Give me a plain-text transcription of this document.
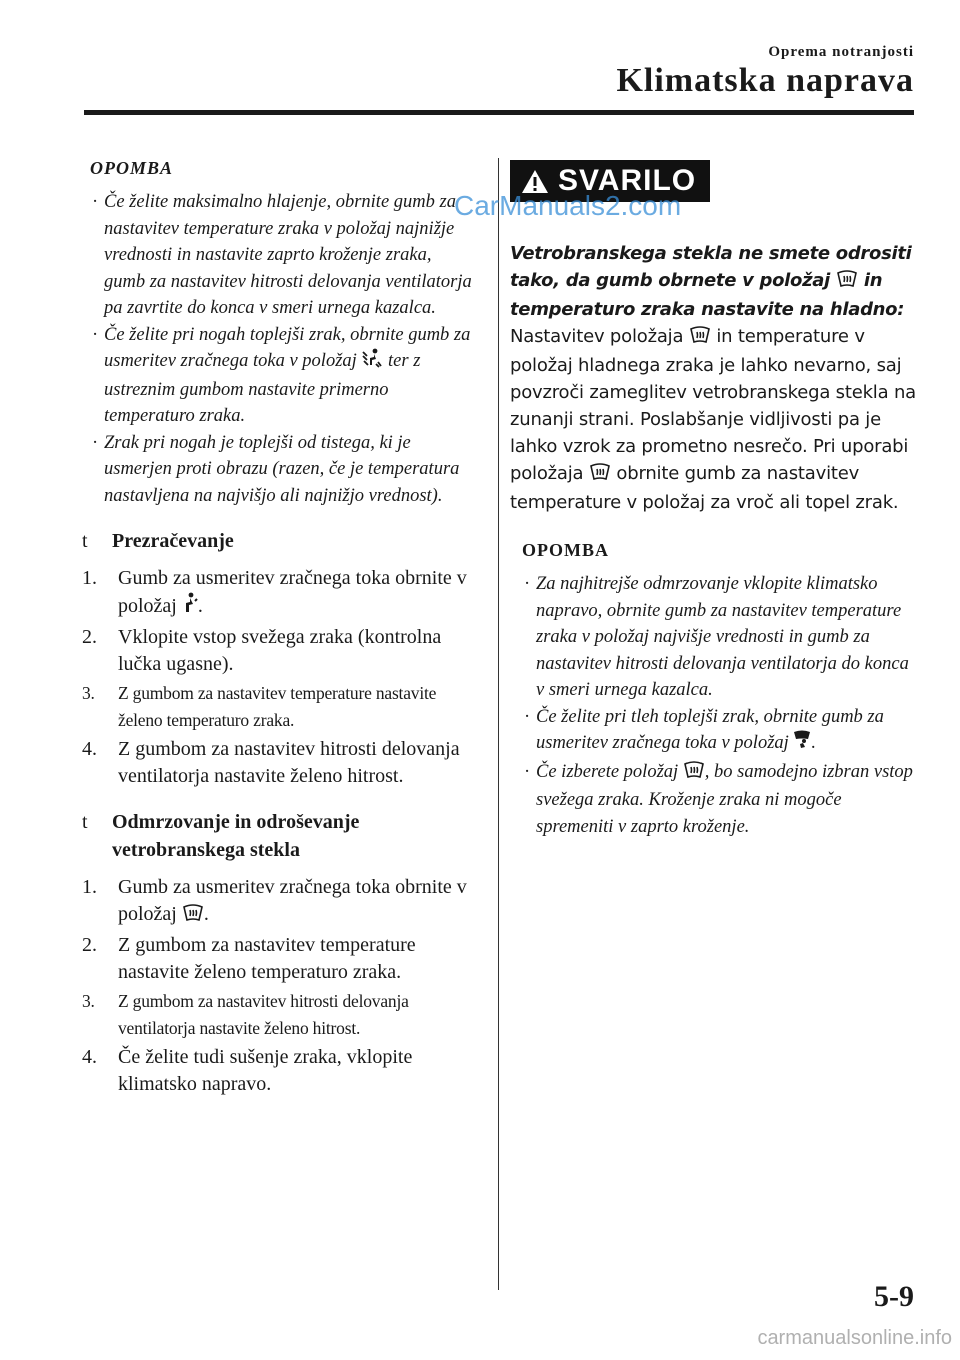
Oprema notranjosti
Klimatska naprava
OPOMBA
· Če želite maksimalno hlajenje, obrnite gumb za nastavitev temperature zraka v položaj najnižje vrednosti in nastavite zaprto kroženje zraka, gumb za nastavitev hitrosti delovanja ventilatorja pa zavrtite do konca v smeri urnega kazalca.
· Če želite pri nogah toplejši zrak, obrnite gumb za usmeritev zračnega toka v položaj  ter z ustreznim gumbom nastavite primerno temperaturo zraka.
· Zrak pri nogah je toplejši od tistega, ki je usmerjen proti obrazu (razen, če je temperatura nastavljena na najvišjo ali najnižjo vrednost).
t Prezračevanje
1. Gumb za usmeritev zračnega toka obrnite v položaj .
2. Vklopite vstop svežega zraka (kontrolna lučka ugasne).
3. Z gumbom za nastavitev temperature nastavite želeno temperaturo zraka.
4. Z gumbom za nastavitev hitrosti delovanja ventilatorja nastavite želeno hitrost.
t Odmrzovanje in odroševanje vetrobranskega stekla
1. Gumb za usmeritev zračnega toka obrnite v položaj .
2. Z gumbom za nastavitev temperature nastavite želeno temperaturo zraka.
3. Z gumbom za nastavitev hitrosti delovanja ventilatorja nastavite želeno hitrost.
4. Če želite tudi sušenje zraka, vklopite klimatsko napravo.
SVARILO
Vetrobranskega stekla ne smete odrositi tako, da gumb obrnete v položaj  in temperaturo zraka nastavite na hladno: Nastavitev položaja  in temperature v položaj hladnega zraka je lahko nevarno, saj povzroči zameglitev vetrobranskega stekla na zunanji strani. Poslabšanje vidljivosti pa je lahko vzrok za prometno nesrečo. Pri uporabi položaja  obrnite gumb za nastavitev temperature v položaj za vroč ali topel zrak.
OPOMBA
· Za najhitrejše odmrzovanje vklopite klimatsko napravo, obrnite gumb za nastavitev temperature zraka v položaj najvišje vrednosti in gumb za nastavitev hitrosti delovanja ventilatorja do konca v smeri urnega kazalca.
· Če želite pri tleh toplejši zrak, obrnite gumb za usmeritev zračnega toka v položaj .
· Če izberete položaj , bo samodejno izbran vstop svežega zraka. Kroženje zraka ni mogoče spremeniti v zaprto kroženje.
CarManuals2.com
5-9
carmanualsonline.info
